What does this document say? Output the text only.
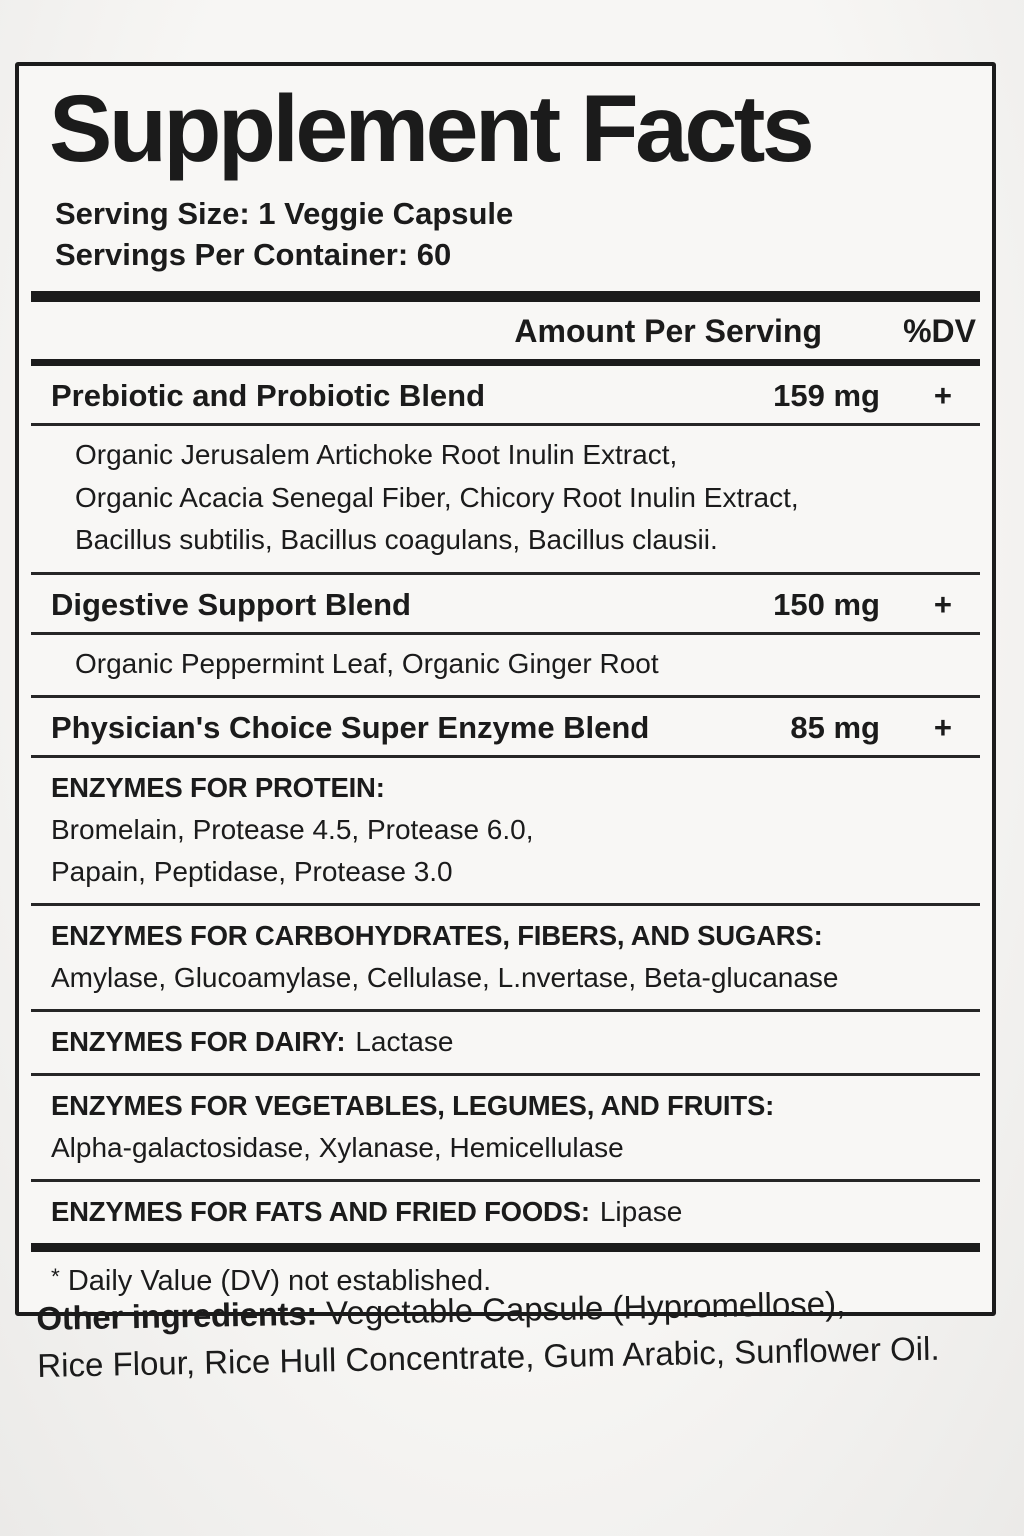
Supplement Facts
Serving Size: 1 Veggie Capsule
Servings Per Container: 60
Amount Per Serving	%DV
Prebiotic and Probiotic Blend	159 mg	+
Organic Jerusalem Artichoke Root Inulin Extract,
Organic Acacia Senegal Fiber, Chicory Root Inulin Extract,
Bacillus subtilis, Bacillus coagulans, Bacillus clausii.
Digestive Support Blend	150 mg	+
Organic Peppermint Leaf, Organic Ginger Root
Physician's Choice Super Enzyme Blend	85 mg	+
ENZYMES FOR PROTEIN:
Bromelain, Protease 4.5, Protease 6.0,
Papain, Peptidase, Protease 3.0
ENZYMES FOR CARBOHYDRATES, FIBERS, AND SUGARS:
Amylase, Glucoamylase, Cellulase, L.nvertase, Beta-glucanase
ENZYMES FOR DAIRY: Lactase
ENZYMES FOR VEGETABLES, LEGUMES, AND FRUITS:
Alpha-galactosidase, Xylanase, Hemicellulase
ENZYMES FOR FATS AND FRIED FOODS: Lipase
* Daily Value (DV) not established.
Other ingredients: Vegetable Capsule (Hypromellose),
Rice Flour, Rice Hull Concentrate, Gum Arabic, Sunflower Oil.
